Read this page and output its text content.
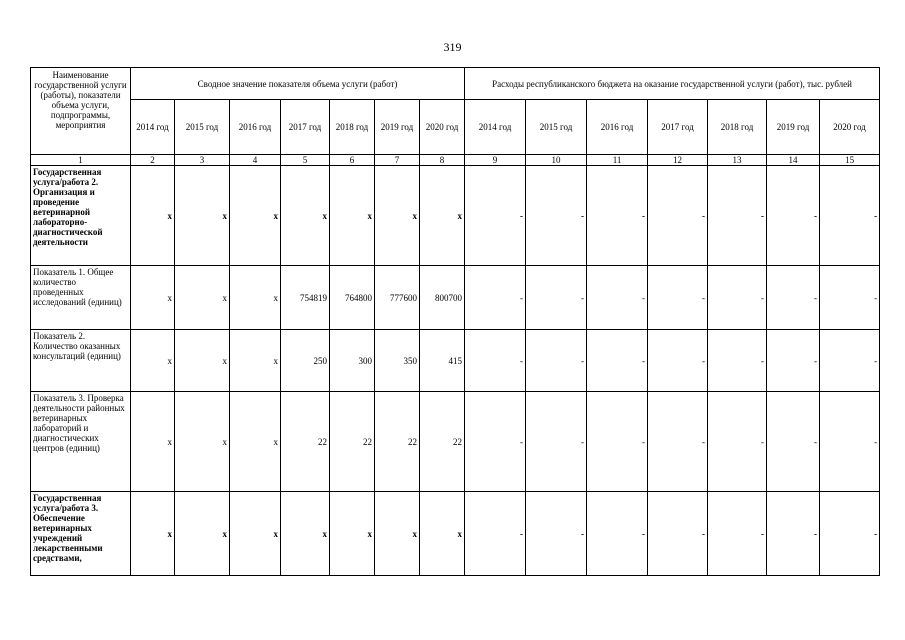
319
Наименование государственной услуги (работы), показатели объема услуги, подпрограммы, мероприятия	Сводное значение показателя объема услуги (работ)							Расходы республиканского бюджета на оказание государственной услуги (работ), тыс. рублей						
	2014 год	2015 год	2016 год	2017 год	2018 год	2019 год	2020 год	2014 год	2015 год	2016 год	2017 год	2018 год	2019 год	2020 год
1	2	3	4	5	6	7	8	9	10	11	12	13	14	15
Государственная услуга/работа 2. Организация и проведение ветеринарной лабораторно-диагностической деятельности	x	x	x	x	x	x	x	-	-	-	-	-	-	-
Показатель 1. Общее количество проведенных исследований (единиц)	x	x	x	754819	764800	777600	800700	-	-	-	-	-	-	-
Показатель 2. Количество оказанных консультаций (единиц)	x	x	x	250	300	350	415	-	-	-	-	-	-	-
Показатель 3. Проверка деятельности районных ветеринарных лабораторий и диагностических центров (единиц)	x	x	x	22	22	22	22	-	-	-	-	-	-	-
Государственная услуга/работа 3. Обеспечение ветеринарных учреждений лекарственными средствами,	x	x	x	x	x	x	x	-	-	-	-	-	-	-
